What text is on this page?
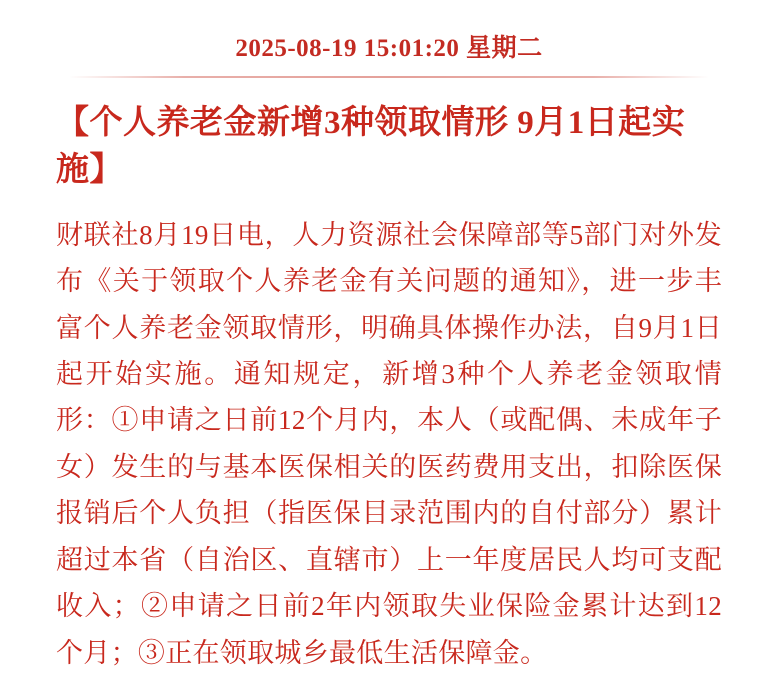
2025-08-19 15:01:20 星期二
【个人养老金新增3种领取情形 9月1日起实施】

财联社8月19日电，人力资源社会保障部等5部门对外发布《关于领取个人养老金有关问题的通知》，进一步丰富个人养老金领取情形，明确具体操作办法，自9月1日起开始实施。通知规定，新增3种个人养老金领取情形：①申请之日前12个月内，本人（或配偶、未成年子女）发生的与基本医保相关的医药费用支出，扣除医保报销后个人负担（指医保目录范围内的自付部分）累计超过本省（自治区、直辖市）上一年度居民人均可支配收入；②申请之日前2年内领取失业保险金累计达到12个月；③正在领取城乡最低生活保障金。
